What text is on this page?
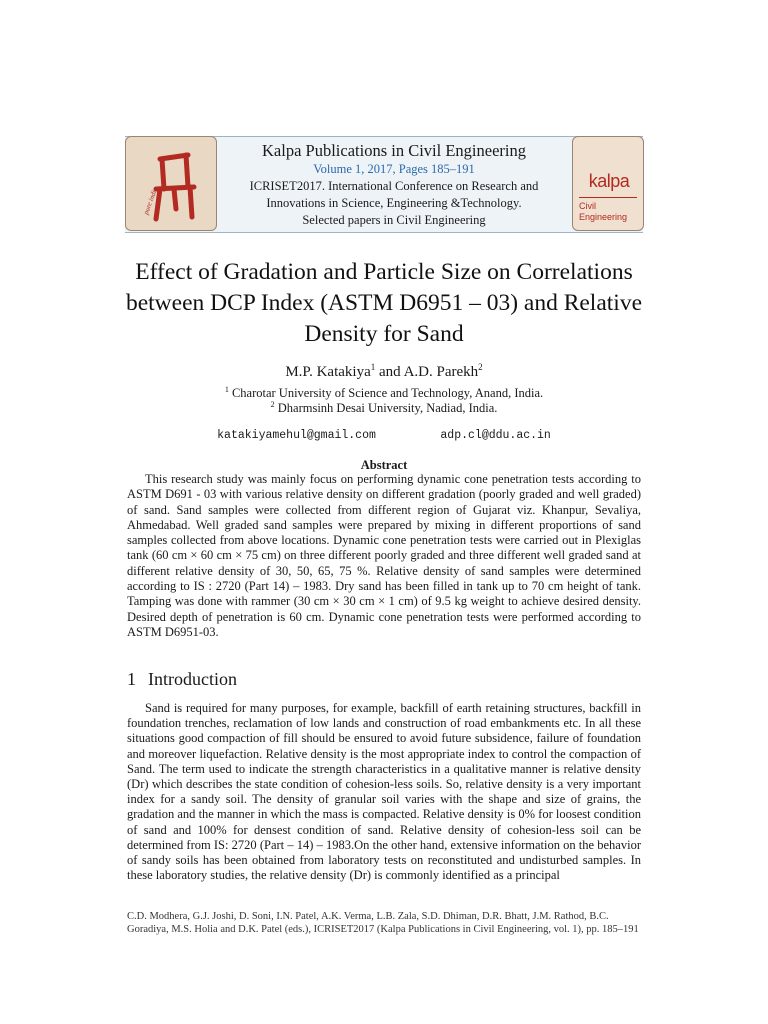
pure india
kalpa
Civil Engineering
Kalpa Publications in Civil Engineering
Volume 1, 2017, Pages 185–191
ICRISET2017. International Conference on Research and Innovations in Science, Engineering &Technology. Selected papers in Civil Engineering
Effect of Gradation and Particle Size on Correlations between DCP Index (ASTM D6951 – 03) and Relative Density for Sand
M.P. Katakiya$^1$ and A.D. Parekh$^2$
$^1$ Charotar University of Science and Technology, Anand, India.
$^2$ Dharmsinh Desai University, Nadiad, India.
katakiyamehul@gmail.com	adp.cl@ddu.ac.in
Abstract
This research study was mainly focus on performing dynamic cone penetration tests according to ASTM D691 - 03 with various relative density on different gradation (poorly graded and well graded) of sand. Sand samples were collected from different region of Gujarat viz. Khanpur, Sevaliya, Ahmedabad. Well graded sand samples were prepared by mixing in different proportions of sand samples collected from above locations. Dynamic cone penetration tests were carried out in Plexiglas tank (60 cm × 60 cm × 75 cm) on three different poorly graded and three different well graded sand at different relative density of 30, 50, 65, 75 %. Relative density of sand samples were determined according to IS : 2720 (Part 14) – 1983. Dry sand has been filled in tank up to 70 cm height of tank. Tamping was done with rammer (30 cm × 30 cm × 1 cm) of 9.5 kg weight to achieve desired density. Desired depth of penetration is 60 cm. Dynamic cone penetration tests were performed according to ASTM D6951-03.
1 Introduction
Sand is required for many purposes, for example, backfill of earth retaining structures, backfill in foundation trenches, reclamation of low lands and construction of road embankments etc. In all these situations good compaction of fill should be ensured to avoid future subsidence, failure of foundation and moreover liquefaction. Relative density is the most appropriate index to control the compaction of Sand. The term used to indicate the strength characteristics in a qualitative manner is relative density (Dr) which describes the state condition of cohesion-less soils. So, relative density is a very important index for a sandy soil. The density of granular soil varies with the shape and size of grains, the gradation and the manner in which the mass is compacted. Relative density is 0% for loosest condition of sand and 100% for densest condition of sand. Relative density of cohesion-less soil can be determined from IS: 2720 (Part – 14) – 1983.On the other hand, extensive information on the behavior of sandy soils has been obtained from laboratory tests on reconstituted and undisturbed samples. In these laboratory studies, the relative density (Dr) is commonly identified as a principal
C.D. Modhera, G.J. Joshi, D. Soni, I.N. Patel, A.K. Verma, L.B. Zala, S.D. Dhiman, D.R. Bhatt, J.M. Rathod, B.C. Goradiya, M.S. Holia and D.K. Patel (eds.), ICRISET2017 (Kalpa Publications in Civil Engineering, vol. 1), pp. 185–191
